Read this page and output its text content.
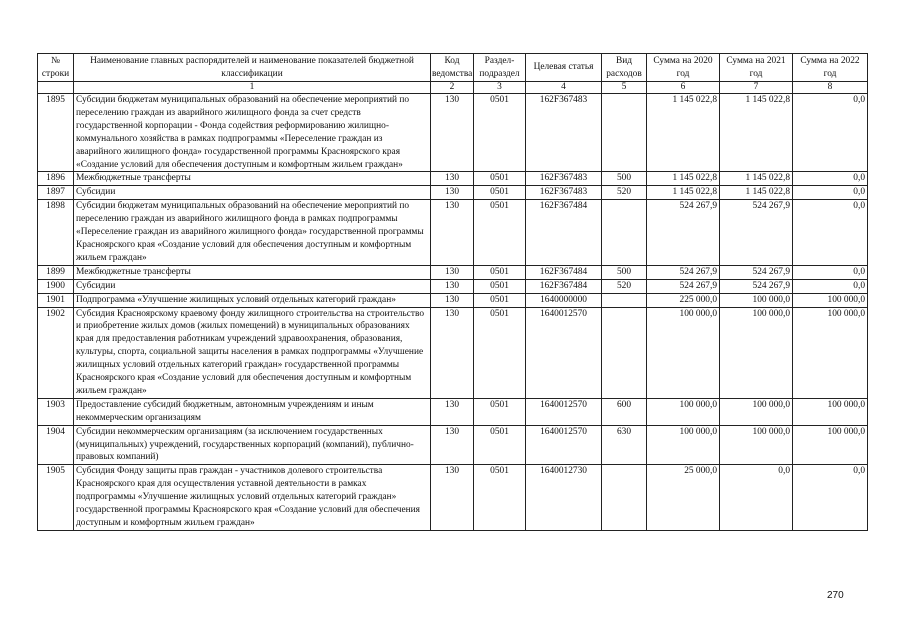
№ строки	Наименование главных распорядителей и наименование показателей бюджетной классификации	Код ведомства	Раздел-подраздел	Целевая статья	Вид расходов	Сумма на 2020 год	Сумма на 2021 год	Сумма на 2022 год
	1	2	3	4	5	6	7	8
1895	Субсидии бюджетам муниципальных образований на обеспечение мероприятий по переселению граждан из аварийного жилищного фонда за счет средств государственной корпорации - Фонда содействия реформированию жилищно-коммунального хозяйства в рамках подпрограммы «Переселение граждан из аварийного жилищного фонда» государственной программы Красноярского края «Создание условий для обеспечения доступным и комфортным жильем граждан»	130	0501	162F367483		1 145 022,8	1 145 022,8	0,0
1896	Межбюджетные трансферты	130	0501	162F367483	500	1 145 022,8	1 145 022,8	0,0
1897	Субсидии	130	0501	162F367483	520	1 145 022,8	1 145 022,8	0,0
1898	Субсидии бюджетам муниципальных образований на обеспечение мероприятий по переселению граждан из аварийного жилищного фонда в рамках подпрограммы «Переселение граждан из аварийного жилищного фонда» государственной программы Красноярского края «Создание условий для обеспечения доступным и комфортным жильем граждан»	130	0501	162F367484		524 267,9	524 267,9	0,0
1899	Межбюджетные трансферты	130	0501	162F367484	500	524 267,9	524 267,9	0,0
1900	Субсидии	130	0501	162F367484	520	524 267,9	524 267,9	0,0
1901	Подпрограмма «Улучшение жилищных условий отдельных категорий граждан»	130	0501	1640000000		225 000,0	100 000,0	100 000,0
1902	Субсидия Красноярскому краевому фонду жилищного строительства на строительство и приобретение жилых домов (жилых помещений) в муниципальных образованиях края для предоставления работникам учреждений здравоохранения, образования, культуры, спорта, социальной защиты населения в рамках подпрограммы «Улучшение жилищных условий отдельных категорий граждан» государственной программы Красноярского края «Создание условий для обеспечения доступным и комфортным жильем граждан»	130	0501	1640012570		100 000,0	100 000,0	100 000,0
1903	Предоставление субсидий бюджетным, автономным учреждениям и иным некоммерческим организациям	130	0501	1640012570	600	100 000,0	100 000,0	100 000,0
1904	Субсидии некоммерческим организациям (за исключением государственных (муниципальных) учреждений, государственных корпораций (компаний), публично-правовых компаний)	130	0501	1640012570	630	100 000,0	100 000,0	100 000,0
1905	Субсидия Фонду защиты прав граждан - участников долевого строительства Красноярского края для осуществления уставной деятельности в рамках подпрограммы «Улучшение жилищных условий отдельных категорий граждан» государственной программы Красноярского края «Создание условий для обеспечения доступным и комфортным жильем граждан»	130	0501	1640012730		25 000,0	0,0	0,0
270
